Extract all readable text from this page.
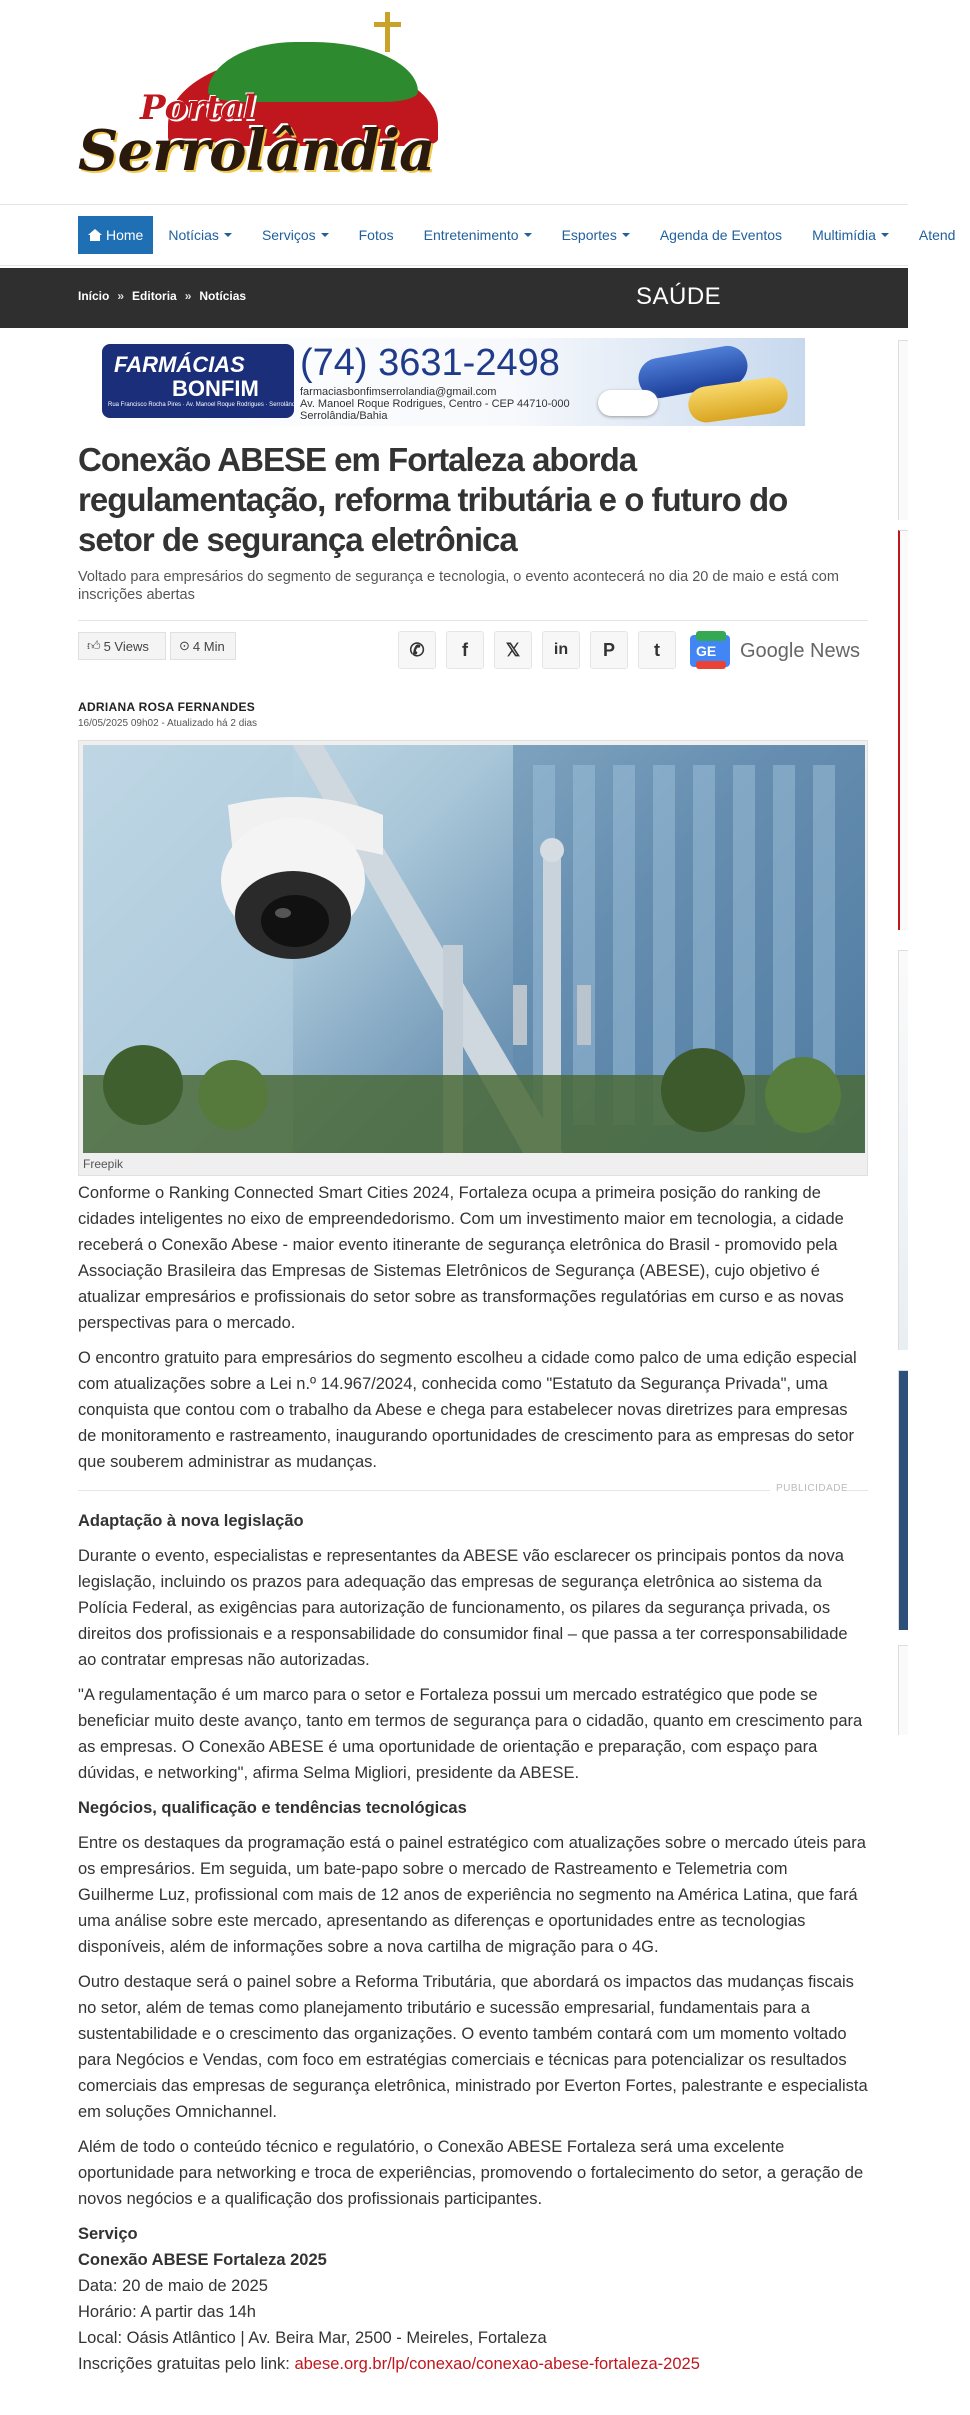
Portal
Serrolândia
Home Notícias	Serviços	Fotos Entretenimento	Esportes	Agenda de Eventos Multimídia	Atend
Início » Editoria » Notícias	SAÚDE
FARMÁCIAS
BONFIM
Rua Francisco Rocha Pires · Av. Manoel Roque Rodrigues · Serrolândia - BA
(74) 3631-2498
farmaciasbonfimserrolandia@gmail.com
Av. Manoel Roque Rodrigues, Centro - CEP 44710-000
Serrolândia/Bahia
Conexão ABESE em Fortaleza aborda regulamentação, reforma tributária e o futuro do setor de segurança eletrônica
Voltado para empresários do segmento de segurança e tecnologia, o evento acontecerá no dia 20 de maio e está com inscrições abertas
👍︎ 5 Views ⊙ 4 Min	✆ f 𝕏 in P t	GE Google News
ADRIANA ROSA FERNANDES
16/05/2025 09h02 - Atualizado há 2 dias
Freepik

Conforme o Ranking Connected Smart Cities 2024, Fortaleza ocupa a primeira posição do ranking de cidades inteligentes no eixo de empreendedorismo. Com um investimento maior em tecnologia, a cidade receberá o Conexão Abese - maior evento itinerante de segurança eletrônica do Brasil - promovido pela Associação Brasileira das Empresas de Sistemas Eletrônicos de Segurança (ABESE), cujo objetivo é atualizar empresários e profissionais do setor sobre as transformações regulatórias em curso e as novas perspectivas para o mercado.

O encontro gratuito para empresários do segmento escolheu a cidade como palco de uma edição especial com atualizações sobre a Lei n.º 14.967/2024, conhecida como "Estatuto da Segurança Privada", uma conquista que contou com o trabalho da Abese e chega para estabelecer novas diretrizes para empresas de monitoramento e rastreamento, inaugurando oportunidades de crescimento para as empresas do setor que souberem administrar as mudanças.

PUBLICIDADE
Adaptação à nova legislação

Durante o evento, especialistas e representantes da ABESE vão esclarecer os principais pontos da nova legislação, incluindo os prazos para adequação das empresas de segurança eletrônica ao sistema da Polícia Federal, as exigências para autorização de funcionamento, os pilares da segurança privada, os direitos dos profissionais e a responsabilidade do consumidor final – que passa a ter corresponsabilidade ao contratar empresas não autorizadas.

"A regulamentação é um marco para o setor e Fortaleza possui um mercado estratégico que pode se beneficiar muito deste avanço, tanto em termos de segurança para o cidadão, quanto em crescimento para as empresas. O Conexão ABESE é uma oportunidade de orientação e preparação, com espaço para dúvidas, e networking", afirma Selma Migliori, presidente da ABESE.

Negócios, qualificação e tendências tecnológicas

Entre os destaques da programação está o painel estratégico com atualizações sobre o mercado úteis para os empresários. Em seguida, um bate-papo sobre o mercado de Rastreamento e Telemetria com Guilherme Luz, profissional com mais de 12 anos de experiência no segmento na América Latina, que fará uma análise sobre este mercado, apresentando as diferenças e oportunidades entre as tecnologias disponíveis, além de informações sobre a nova cartilha de migração para o 4G.

Outro destaque será o painel sobre a Reforma Tributária, que abordará os impactos das mudanças fiscais no setor, além de temas como planejamento tributário e sucessão empresarial, fundamentais para a sustentabilidade e o crescimento das organizações. O evento também contará com um momento voltado para Negócios e Vendas, com foco em estratégias comerciais e técnicas para potencializar os resultados comerciais das empresas de segurança eletrônica, ministrado por Everton Fortes, palestrante e especialista em soluções Omnichannel.

Além de todo o conteúdo técnico e regulatório, o Conexão ABESE Fortaleza será uma excelente oportunidade para networking e troca de experiências, promovendo o fortalecimento do setor, a geração de novos negócios e a qualificação dos profissionais participantes.

Serviço
Conexão ABESE Fortaleza 2025
Data: 20 de maio de 2025
Horário: A partir das 14h
Local: Oásis Atlântico | Av. Beira Mar, 2500 - Meireles, Fortaleza
Inscrições gratuitas pelo link: abese.org.br/lp/conexao/conexao-abese-fortaleza-2025
